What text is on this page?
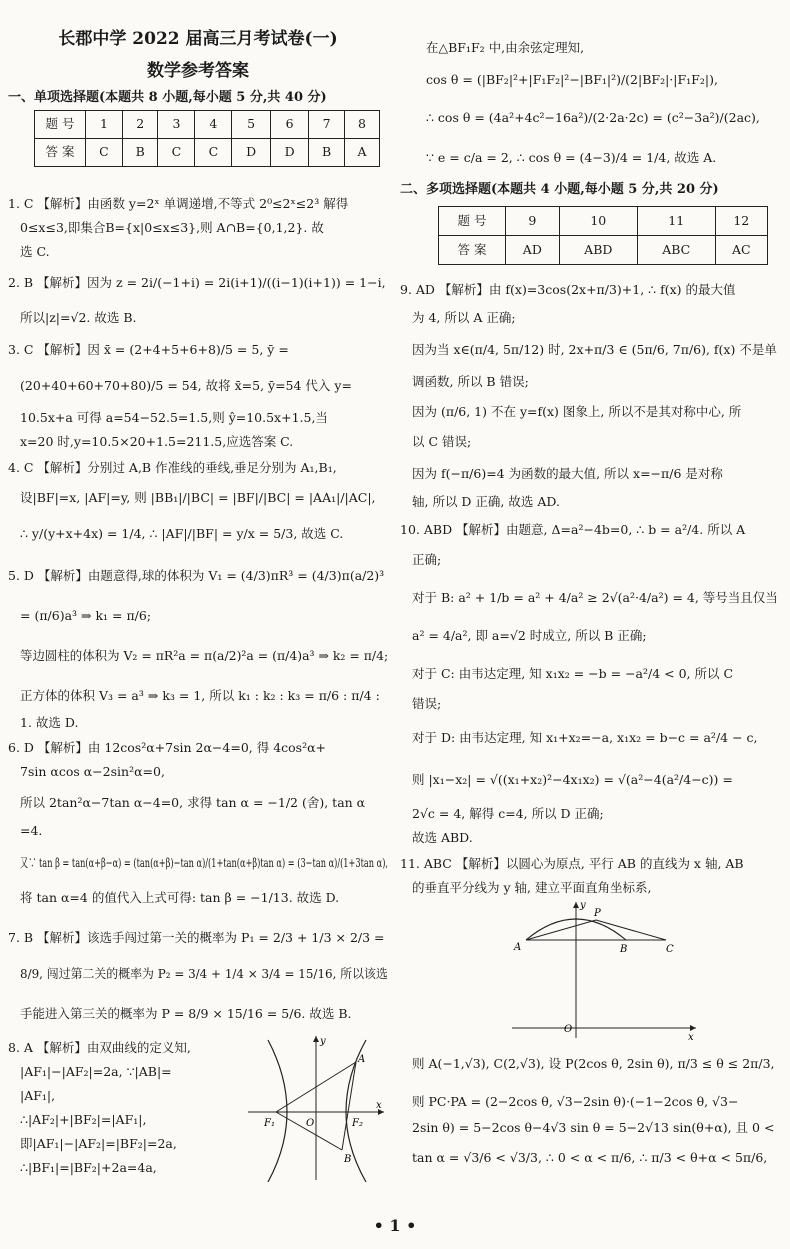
长郡中学 2022 届高三月考试卷(一)
数学参考答案
一、单项选择题(本题共 8 小题,每小题 5 分,共 40 分)
题 号	1	2	3	4	5	6	7	8
答 案	C	B	C	C	D	D	B	A
1. C 【解析】由函数 y=2ˣ 单调递增,不等式 2⁰≤2ˣ≤2³ 解得
0≤x≤3,即集合B={x|0≤x≤3},则 A∩B={0,1,2}. 故
选 C.
2. B 【解析】因为 z = 2i/(−1+i) = 2i(i+1)/((i−1)(i+1)) = 1−i,
所以|z|=√2. 故选 B.
3. C 【解析】因 x̄ = (2+4+5+6+8)/5 = 5, ȳ =
(20+40+60+70+80)/5 = 54, 故将 x̄=5, ȳ=54 代入 y=
10.5x+a 可得 a=54−52.5=1.5,则 ŷ=10.5x+1.5,当
x=20 时,y=10.5×20+1.5=211.5,应选答案 C.
4. C 【解析】分别过 A,B 作准线的垂线,垂足分别为 A₁,B₁,
设|BF|=x, |AF|=y, 则 |BB₁|/|BC| = |BF|/|BC| = |AA₁|/|AC|,
∴ y/(y+x+4x) = 1/4, ∴ |AF|/|BF| = y/x = 5/3, 故选 C.
5. D 【解析】由题意得,球的体积为 V₁ = (4/3)πR³ = (4/3)π(a/2)³
= (π/6)a³ ⇒ k₁ = π/6;
等边圆柱的体积为 V₂ = πR²a = π(a/2)²a = (π/4)a³ ⇒ k₂ = π/4;
正方体的体积 V₃ = a³ ⇒ k₃ = 1, 所以 k₁ : k₂ : k₃ = π/6 : π/4 :
1. 故选 D.
6. D 【解析】由 12cos²α+7sin 2α−4=0, 得 4cos²α+
7sin αcos α−2sin²α=0,
所以 2tan²α−7tan α−4=0, 求得 tan α = −1/2 (舍), tan α
=4.
又∵ tan β = tan(α+β−α) = (tan(α+β)−tan α)/(1+tan(α+β)tan α) = (3−tan α)/(1+3tan α),
将 tan α=4 的值代入上式可得: tan β = −1/13. 故选 D.
7. B 【解析】该选手闯过第一关的概率为 P₁ = 2/3 + 1/3 × 2/3 =
8/9, 闯过第二关的概率为 P₂ = 3/4 + 1/4 × 3/4 = 15/16, 所以该选
手能进入第三关的概率为 P = 8/9 × 15/16 = 5/6. 故选 B.
8. A 【解析】由双曲线的定义知,
|AF₁|−|AF₂|=2a, ∵|AB|=
|AF₁|,
∴|AF₂|+|BF₂|=|AF₁|,
即|AF₁|−|AF₂|=|BF₂|=2a,
∴|BF₁|=|BF₂|+2a=4a,
y
A
F₁	O	F₂
x
B
在△BF₁F₂ 中,由余弦定理知,
cos θ = (|BF₂|²+|F₁F₂|²−|BF₁|²)/(2|BF₂|·|F₁F₂|),
∴ cos θ = (4a²+4c²−16a²)/(2·2a·2c) = (c²−3a²)/(2ac),
∵ e = c/a = 2, ∴ cos θ = (4−3)/4 = 1/4, 故选 A.
二、多项选择题(本题共 4 小题,每小题 5 分,共 20 分)
题 号	9	10	11	12
答 案	AD	ABD	ABC	AC
9. AD 【解析】由 f(x)=3cos(2x+π/3)+1, ∴ f(x) 的最大值
为 4, 所以 A 正确;
因为当 x∈(π/4, 5π/12) 时, 2x+π/3 ∈ (5π/6, 7π/6), f(x) 不是单
调函数, 所以 B 错误;
因为 (π/6, 1) 不在 y=f(x) 图象上, 所以不是其对称中心, 所
以 C 错误;
因为 f(−π/6)=4 为函数的最大值, 所以 x=−π/6 是对称
轴, 所以 D 正确, 故选 AD.
10. ABD 【解析】由题意, Δ=a²−4b=0, ∴ b = a²/4. 所以 A
正确;
对于 B: a² + 1/b = a² + 4/a² ≥ 2√(a²·4/a²) = 4, 等号当且仅当
a² = 4/a², 即 a=√2 时成立, 所以 B 正确;
对于 C: 由韦达定理, 知 x₁x₂ = −b = −a²/4 < 0, 所以 C
错误;
对于 D: 由韦达定理, 知 x₁+x₂=−a, x₁x₂ = b−c = a²/4 − c,
则 |x₁−x₂| = √((x₁+x₂)²−4x₁x₂) = √(a²−4(a²/4−c)) =
2√c = 4, 解得 c=4, 所以 D 正确;
故选 ABD.
11. ABC 【解析】以圆心为原点, 平行 AB 的直线为 x 轴, AB
的垂直平分线为 y 轴, 建立平面直角坐标系,
y
P
A	B	C
O
x
则 A(−1,√3), C(2,√3), 设 P(2cos θ, 2sin θ), π/3 ≤ θ ≤ 2π/3,
则 PC·PA = (2−2cos θ, √3−2sin θ)·(−1−2cos θ, √3−
2sin θ) = 5−2cos θ−4√3 sin θ = 5−2√13 sin(θ+α), 且 0 <
tan α = √3/6 < √3/3, ∴ 0 < α < π/6, ∴ π/3 < θ+α < 5π/6,
• 1 •
